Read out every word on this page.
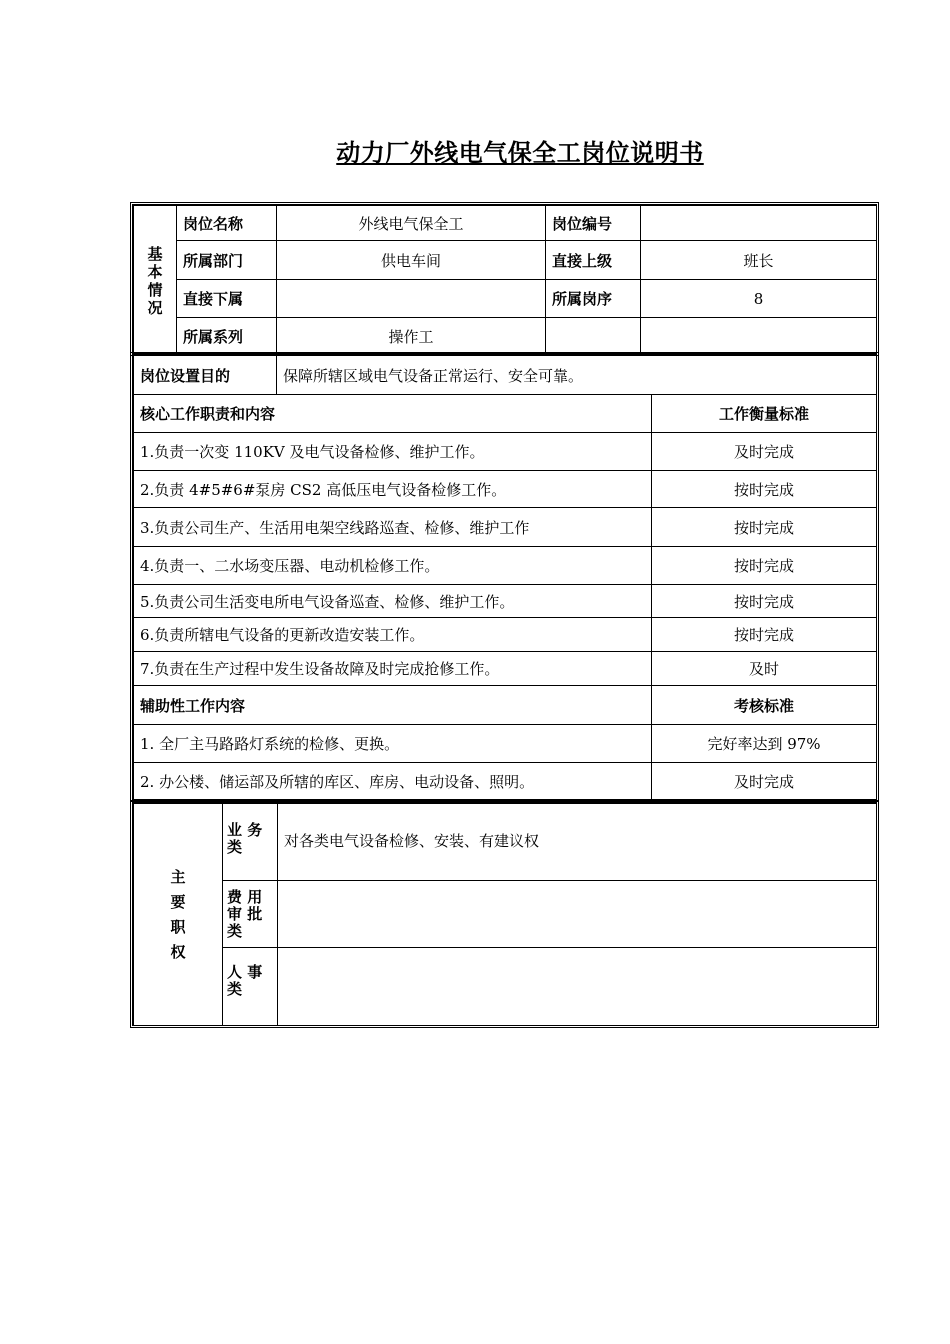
动力厂外线电气保全工岗位说明书
基
本
情
况	岗位名称	外线电气保全工	岗位编号	
	所属部门	供电车间	直接上级	班长
	直接下属		所属岗序	8
	所属系列	操作工		
岗位设置目的	保障所辖区域电气设备正常运行、安全可靠。	
核心工作职责和内容		工作衡量标准
1.负责一次变 110KV 及电气设备检修、维护工作。		及时完成
2.负责 4#5#6#泵房 CS2 高低压电气设备检修工作。		按时完成
3.负责公司生产、生活用电架空线路巡查、检修、维护工作		按时完成
4.负责一、二水场变压器、电动机检修工作。		按时完成
5.负责公司生活变电所电气设备巡查、检修、维护工作。		按时完成
6.负责所辖电气设备的更新改造安装工作。		按时完成
7.负责在生产过程中发生设备故障及时完成抢修工作。		及时
辅助性工作内容		考核标准
1. 全厂主马路路灯系统的检修、更换。		完好率达到 97%
2. 办公楼、储运部及所辖的库区、库房、电动设备、照明。		及时完成
主
要
职
权	业 务
类	对各类电气设备检修、安装、有建议权
	费 用
审 批
类	
	人 事
类	
